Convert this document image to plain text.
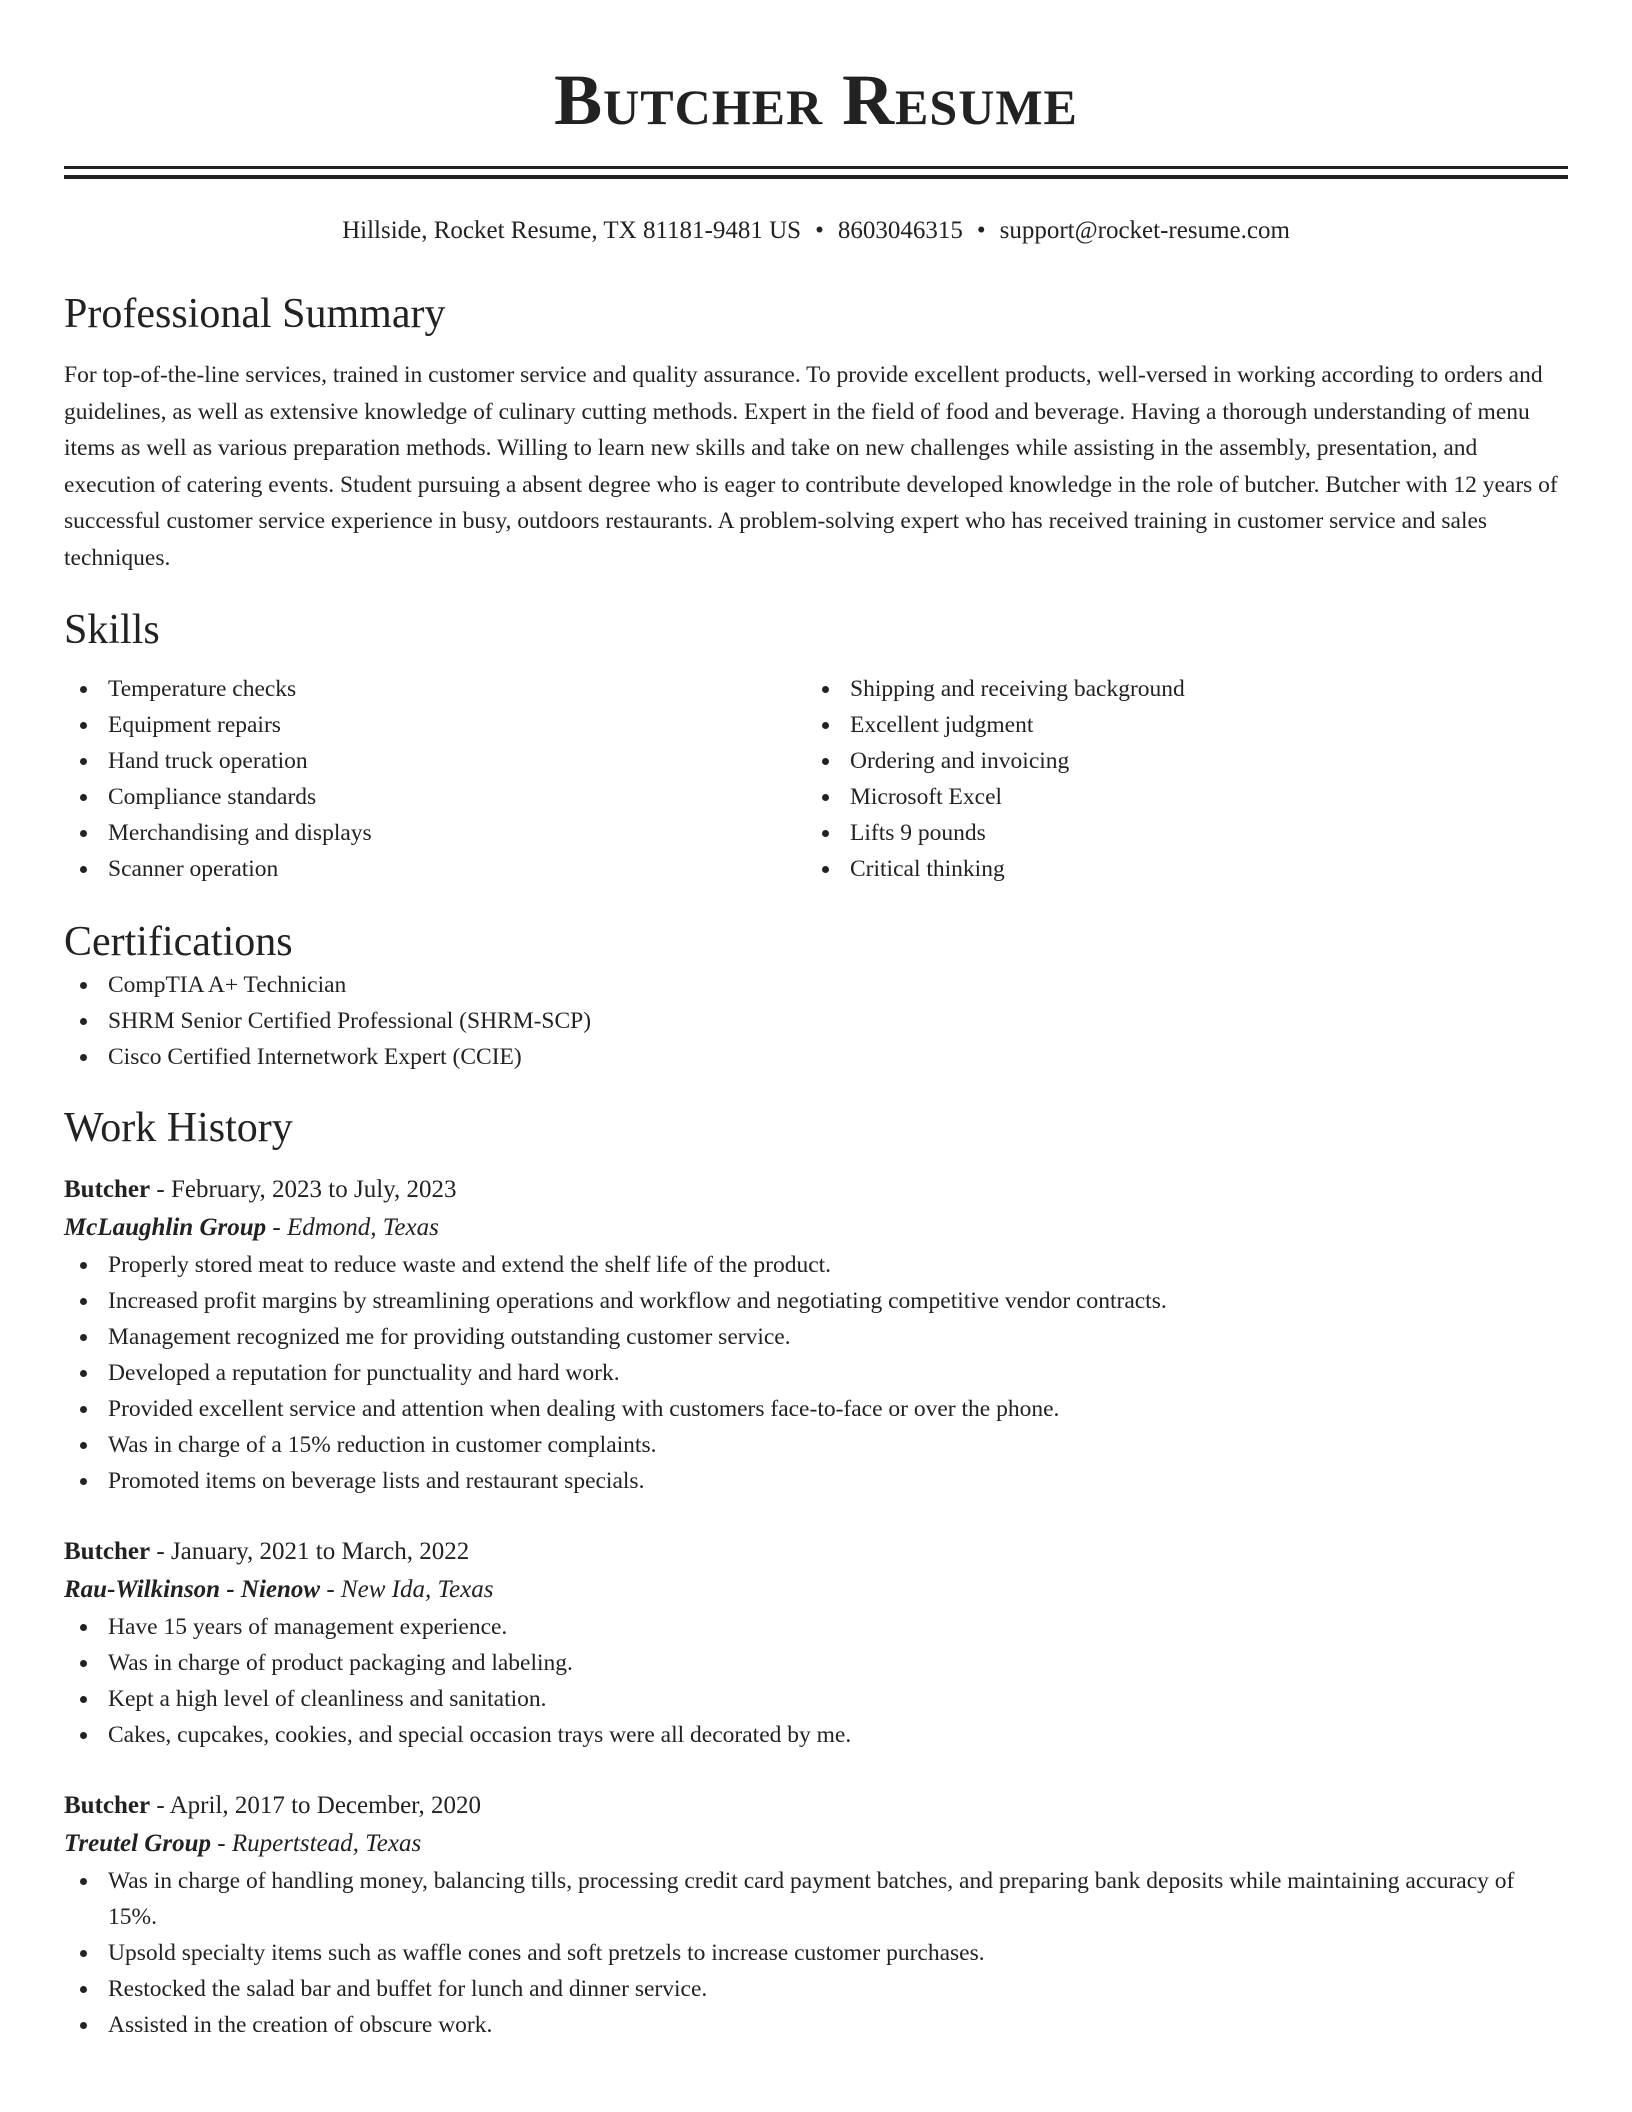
Butcher Resume
Hillside, Rocket Resume, TX 81181-9481 US • 8603046315 • support@rocket-resume.com
Professional Summary

For top-of-the-line services, trained in customer service and quality assurance. To provide excellent products, well-versed in working according to orders and guidelines, as well as extensive knowledge of culinary cutting methods. Expert in the field of food and beverage. Having a thorough understanding of menu items as well as various preparation methods. Willing to learn new skills and take on new challenges while assisting in the assembly, presentation, and execution of catering events. Student pursuing a absent degree who is eager to contribute developed knowledge in the role of butcher. Butcher with 12 years of successful customer service experience in busy, outdoors restaurants. A problem-solving expert who has received training in customer service and sales techniques.

Skills
Temperature checks
Equipment repairs
Hand truck operation
Compliance standards
Merchandising and displays
Scanner operation
Shipping and receiving background
Excellent judgment
Ordering and invoicing
Microsoft Excel
Lifts 9 pounds
Critical thinking
Certifications
CompTIA A+ Technician
SHRM Senior Certified Professional (SHRM-SCP)
Cisco Certified Internetwork Expert (CCIE)
Work History
Butcher - February, 2023 to July, 2023
McLaughlin Group - Edmond, Texas
Properly stored meat to reduce waste and extend the shelf life of the product.
Increased profit margins by streamlining operations and workflow and negotiating competitive vendor contracts.
Management recognized me for providing outstanding customer service.
Developed a reputation for punctuality and hard work.
Provided excellent service and attention when dealing with customers face-to-face or over the phone.
Was in charge of a 15% reduction in customer complaints.
Promoted items on beverage lists and restaurant specials.
Butcher - January, 2021 to March, 2022
Rau-Wilkinson - Nienow - New Ida, Texas
Have 15 years of management experience.
Was in charge of product packaging and labeling.
Kept a high level of cleanliness and sanitation.
Cakes, cupcakes, cookies, and special occasion trays were all decorated by me.
Butcher - April, 2017 to December, 2020
Treutel Group - Rupertstead, Texas
Was in charge of handling money, balancing tills, processing credit card payment batches, and preparing bank deposits while maintaining accuracy of 15%.
Upsold specialty items such as waffle cones and soft pretzels to increase customer purchases.
Restocked the salad bar and buffet for lunch and dinner service.
Assisted in the creation of obscure work.
